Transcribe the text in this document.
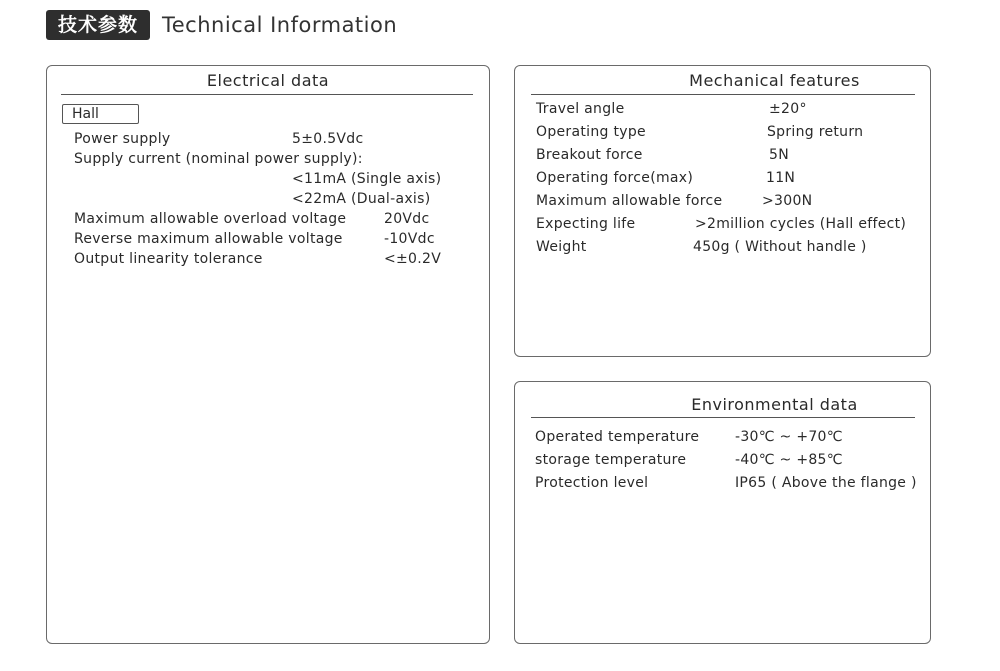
技术参数	Technical Information
Electrical data
Hall
Power supply	5±0.5Vdc
Supply current (nominal power supply):
<11mA (Single axis)
<22mA (Dual-axis)
Maximum allowable overload voltage	20Vdc
Reverse maximum allowable voltage	-10Vdc
Output linearity tolerance	<±0.2V
Mechanical features
Travel angle	±20°
Operating type	Spring return
Breakout force	5N
Operating force(max)	11N
Maximum allowable force	>300N
Expecting life	>2million cycles (Hall effect)
Weight	450g ( Without handle )
Environmental data
Operated temperature	-30℃ ~ +70℃
storage temperature	-40℃ ~ +85℃
Protection level	IP65 ( Above the flange )
